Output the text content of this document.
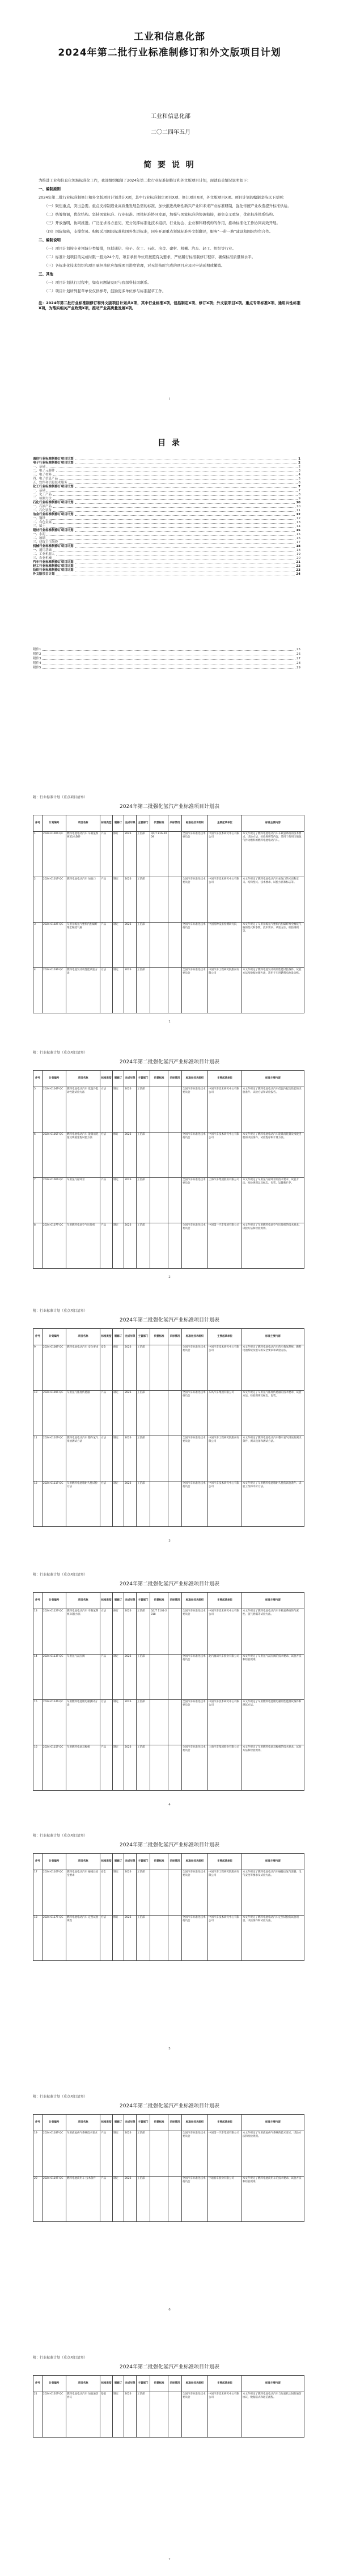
工业和信息化部
2024年第二批行业标准制修订和外文版项目计划
工业和信息化部
二〇二四年五月
简 要 说 明
为推进工业和信息化领域标准化工作，我部组织编制了2024年第二批行业标准制修订和外文版项目计划，现就有关情况说明如下：
一、编制原则
2024年第二批行业标准制修订和外文版项目计划共计X项，其中行业标准制定项目X项、修订项目X项，外文版项目X项。项目计划的编制坚持以下原则：
（一）聚焦重点，突出急需。重点支持制造业高质量发展急需的标准，加快推进战略性新兴产业和未来产业标准研制，强化传统产业改造提升标准供给。
（二）统筹协调，优化结构。坚持国家标准、行业标准、团体标准协同发展，加强与国家标准的协调衔接，避免交叉重复，优化标准体系结构。
（三）开放透明，协同推进。广泛征求各方意见，充分发挥标准化技术组织、行业协会、企业和科研机构的作用，推动标准化工作协同高效开展。
（四）国际接轨，支撑贸易。积极采用国际标准和国外先进标准，同步开展重点领域标准外文版翻译，服务“一带一路”建设和国际经贸合作。
二、编制说明
（一）项目计划按专业领域分类编排，包括通信、电子、化工、石化、冶金、建材、机械、汽车、轻工、纺织等行业。
（二）标准计划项目的完成时限一般为24个月，项目承担单位应按照有关要求，严格履行标准制修订程序，确保标准质量和水平。
（三）各标准化技术组织和项目承担单位应加强项目进度管理，对无法按时完成的项目应及时申请延期或撤销。
三、其他
（一）项目计划执行过程中，如有问题请及时与我部科技司联系。
（二）项目计划所列起草单位仅供参考，鼓励更多单位参与标准起草工作。
注：2024年第二批行业标准制修订和外文版项目计划共X项，其中行业标准X项，包括制定X项、修订X项；外文版项目X项。重点专项标准X项、通用共性标准X项，为落实相关产业政策X项，推动产业高质量发展X项。
I
目 录
通信行业标准制修订项目计划	1
电子行业标准制修订项目计划	2
一、基础	2
二、电子元器件	3
三、电子材料	4
四、电子信息产品	5
五、软件和信息技术服务	6
化工行业标准制修订项目计划	7
一、基础	7
二、化工产品	8
三、检测方法	9
石化行业标准制修订项目计划	10
一、石油产品	10
二、石化装备	11
冶金行业标准制修订项目计划	12
一、钢铁	12
二、有色金属	13
三、稀土	14
建材行业标准制修订项目计划	15
一、水泥	15
二、玻璃	16
三、建筑卫生陶瓷	17
机械行业标准制修订项目计划	18
一、通用基础	18
二、工业机器人	19
三、农业机械	20
汽车行业标准制修订项目计划	21
轻工行业标准制修订项目计划	22
纺织行业标准制修订项目计划	23
外文版项目计划	24
附件1	25
附件2	26
附件3	27
附件4	28
附件5	29
附：行业标准计划（重点项目清单）
2024年第二批强化氢汽产业标准项目计划表
序号	计划编号	项目名称	标准类型	制修订	完成年限	主管部门	代替标准	采标情况	标准化技术组织	主要起草单位	标准主要内容
1	2024-0100T-QC	燃料电池电动汽车 车载氢系统 技术条件	产品	修订	2026	工信部	QC/T 816-2009		全国汽车标准化技术委员会	中国汽车技术研究中心有限公司	本文件规定了燃料电池电动汽车车载氢系统的技术要求、试验方法、检验规则等内容，适用于使用压缩氢气作为燃料的燃料电池电动汽车。
2	2024-0101T-QC	燃料电池电动汽车 加氢口	产品	制定	2026	工信部			全国汽车标准化技术委员会	中国汽车技术研究中心有限公司	本文件规定了燃料电池电动汽车加氢口的术语和定义、结构型式、技术要求、试验方法和标志等。
3	2024-0102T-QC	车用压缩氢气塑料内胆碳纤维全缠绕气瓶	产品	制定	2026	工信部			全国汽车标准化技术委员会	中国特种设备检测研究院	本文件规定了车用压缩氢气塑料内胆碳纤维全缠绕气瓶的型式和参数、技术要求、试验方法、检验规则等。
4	2024-0103T-QC	燃料电池发动机性能试验方法	方法	制定	2026	工信部			全国汽车标准化技术委员会	中国汽车工程研究院股份有限公司	本文件规定了燃料电池发动机的性能试验条件、试验方法及数据处理方法，适用于车用燃料电池发动机。
1
附：行业标准计划（重点项目清单）
2024年第二批强化氢汽产业标准项目计划表
序号	计划编号	项目名称	标准类型	制修订	完成年限	主管部门	代替标准	采标情况	标准化技术组织	主要起草单位	标准主要内容
5	2024-0104T-QC	燃料电池电动汽车 低温冷起动性能试验方法	方法	制定	2026	工信部			全国汽车标准化技术委员会	中国汽车技术研究中心有限公司	本文件规定了燃料电池电动汽车低温冷起动性能的试验条件、试验方法和试验报告。
6	2024-0105T-QC	燃料电池电动汽车 能量消耗量及续驶里程试验方法	方法	修订	2026	工信部			全国汽车标准化技术委员会	中国汽车技术研究中心有限公司	本文件规定了燃料电池电动汽车能量消耗量及续驶里程的试验条件、试验程序和计算方法。
7	2024-0106T-QC	车用氢气循环泵	产品	制定	2026	工信部			全国汽车标准化技术委员会	上海汽车集团股份有限公司	本文件规定了车用氢气循环泵的技术要求、试验方法、检验规则以及标志、包装、运输和贮存。
8	2024-0107T-QC	车用燃料电池空气压缩机	产品	制定	2026	工信部			全国汽车标准化技术委员会	中国第一汽车集团有限公司	本文件规定了车用燃料电池空气压缩机的技术要求、试验方法和检验规则。
2
附：行业标准计划（重点项目清单）
2024年第二批强化氢汽产业标准项目计划表
序号	计划编号	项目名称	标准类型	制修订	完成年限	主管部门	代替标准	采标情况	标准化技术组织	主要起草单位	标准主要内容
9	2024-0108T-QC	燃料电池电动汽车 安全要求	安全	修订	2026	工信部			全国汽车标准化技术委员会	中国汽车技术研究中心有限公司	本文件规定了燃料电池电动汽车的车载氢系统、燃料电池系统及整车的安全要求和试验方法。
10	2024-0109T-QC	车用氢气浓度传感器	产品	制定	2026	工信部			全国汽车标准化技术委员会	东风汽车集团有限公司	本文件规定了车用氢气浓度传感器的技术要求、试验方法、检验规则及标志、包装。
11	2024-0110T-QC	燃料电池电动汽车 整车氢气排放测试方法	方法	制定	2026	工信部			全国汽车标准化技术委员会	中国汽车工程研究院股份有限公司	本文件规定了燃料电池电动汽车整车氢气排放的测试条件、测试设备和测试方法。
12	2024-0111T-QC	车用燃料电池堆耐久性试验方法	方法	制定	2026	工信部			全国汽车标准化技术委员会	中国汽车技术研究中心有限公司	本文件规定了车用燃料电池堆耐久性的试验条件、试验工况和评价方法。
3
附：行业标准计划（重点项目清单）
2024年第二批强化氢汽产业标准项目计划表
序号	计划编号	项目名称	标准类型	制修订	完成年限	主管部门	代替标准	采标情况	标准化技术组织	主要起草单位	标准主要内容
13	2024-0112T-QC	燃料电池电动汽车 车载氢系统 试验方法	方法	修订	2026	工信部	QC/T 1101-2018		全国汽车标准化技术委员会	中国汽车技术研究中心有限公司	本文件规定了燃料电池电动汽车车载氢系统的气密性、氢气泄漏等试验方法。
14	2024-0113T-QC	车用氢气减压阀	产品	制定	2026	工信部			全国汽车标准化技术委员会	北汽福田汽车股份有限公司	本文件规定了车用氢气减压阀的技术要求、试验方法和检验规则。
15	2024-0114T-QC	车用燃料电池膜电极测试方法	方法	制定	2026	工信部			全国汽车标准化技术委员会	中国汽车技术研究中心有限公司	本文件规定了车用燃料电池膜电极的性能测试条件和测试方法。
16	2024-0115T-QC	车用燃料电池双极板	产品	制定	2026	工信部			全国汽车标准化技术委员会	上海汽车集团股份有限公司	本文件规定了车用燃料电池双极板的技术要求、试验方法和检验规则。
4
附：行业标准计划（重点项目清单）
2024年第二批强化氢汽产业标准项目计划表
序号	计划编号	项目名称	标准类型	制修订	完成年限	主管部门	代替标准	采标情况	标准化技术组织	主要起草单位	标准主要内容
17	2024-0116T-QC	燃料电池电动汽车 碰撞后安全要求	安全	制定	2026	工信部			全国汽车标准化技术委员会	中国汽车工程研究院股份有限公司	本文件规定了燃料电池电动汽车碰撞后氢气泄漏、电气安全等要求及试验方法。
18	2024-0117T-QC	燃料电池电动汽车 定型试验规程	方法	修订	2026	工信部			全国汽车标准化技术委员会	中国汽车技术研究中心有限公司	本文件规定了燃料电池电动汽车定型试验的试验项目、试验条件和试验方法。
5
附：行业标准计划（重点项目清单）
2024年第二批强化氢汽产业标准项目计划表
序号	计划编号	项目名称	标准类型	制修订	完成年限	主管部门	代替标准	采标情况	标准化技术组织	主要起草单位	标准主要内容
19	2024-0118T-QC	车用液氢供气系统技术要求	产品	制定	2026	工信部			全国汽车标准化技术委员会	中国第一汽车集团有限公司	本文件规定了车用液氢供气系统的技术要求、试验方法和检验规则。
20	2024-0119T-QC	燃料电池商用车 技术条件	产品	制定	2026	工信部			全国汽车标准化技术委员会	宇通客车股份有限公司	本文件规定了燃料电池商用车的技术要求、试验方法和检验规则。
6
附：行业标准计划（重点项目清单）
2024年第二批强化氢汽产业标准项目计划表
序号	计划编号	项目名称	标准类型	制修订	完成年限	主管部门	代替标准	采标情况	标准化技术组织	主要起草单位	标准主要内容
21	2024-0120T-QC	燃料电池电动汽车 加氢通信协议	基础	制定	2026	工信部			全国汽车标准化技术委员会	中国汽车技术研究中心有限公司	本文件规定了燃料电池电动汽车与加氢机之间的通信协议、数据格式和通信流程。
7
